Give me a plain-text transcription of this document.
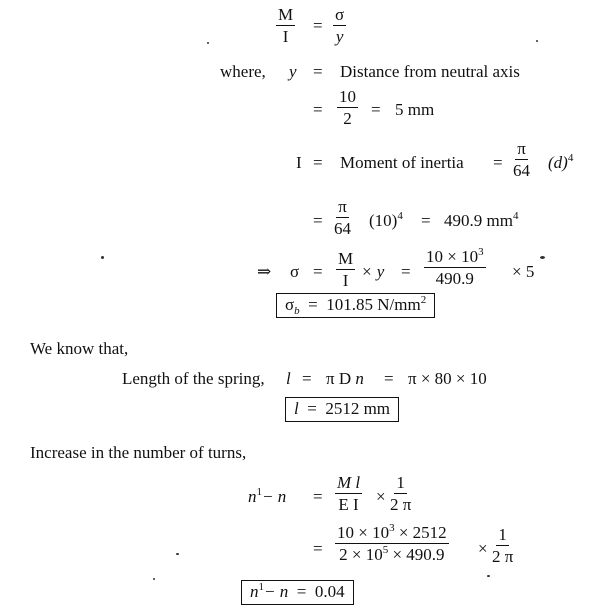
$\frac{M}{I} = \frac{\sigma}{y}$
where, y = Distance from neutral axis
= $\frac{10}{2} = 5$ mm
I = Moment of inertia = $\frac{\pi}{64} (d)^4$
= $\frac{\pi}{64} (10)^4 = 490.9$ $mm^4$
⇒ $\sigma = \frac{M}{I} \times y = \frac{10 \times 10^3}{490.9} \times 5$
$\sigma_b = 101.85$ $N/mm^2$
We know that,
Length of the spring, l = π D n = π × 80 × 10
l = 2512 mm
Increase in the number of turns,
$n^1- n = \frac{\text{M l}}{\text{E I}} \times \frac{1}{2 \pi}$
= $\frac{10 \times 10^3 \times 2512}{2 \times 10^5 \times 490.9} \times \frac{1}{2 \pi}$
$n^1- n = 0.04$
